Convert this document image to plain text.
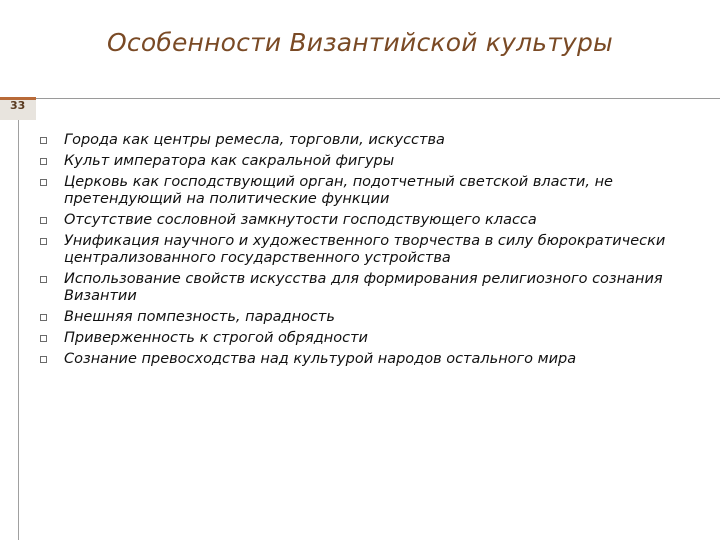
Особенности Византийской культуры
33
Города как центры ремесла, торговли, искусства
Культ императора как сакральной фигуры
Церковь как господствующий орган, подотчетный светской власти, не претендующий на политические функции
Отсутствие сословной замкнутости господствующего класса
Унификация научного и художественного творчества в силу бюрократически централизованного государственного устройства
Использование свойств искусства для формирования религиозного сознания Византии
Внешняя помпезность, парадность
Приверженность к строгой обрядности
Сознание превосходства над культурой народов остального мира
